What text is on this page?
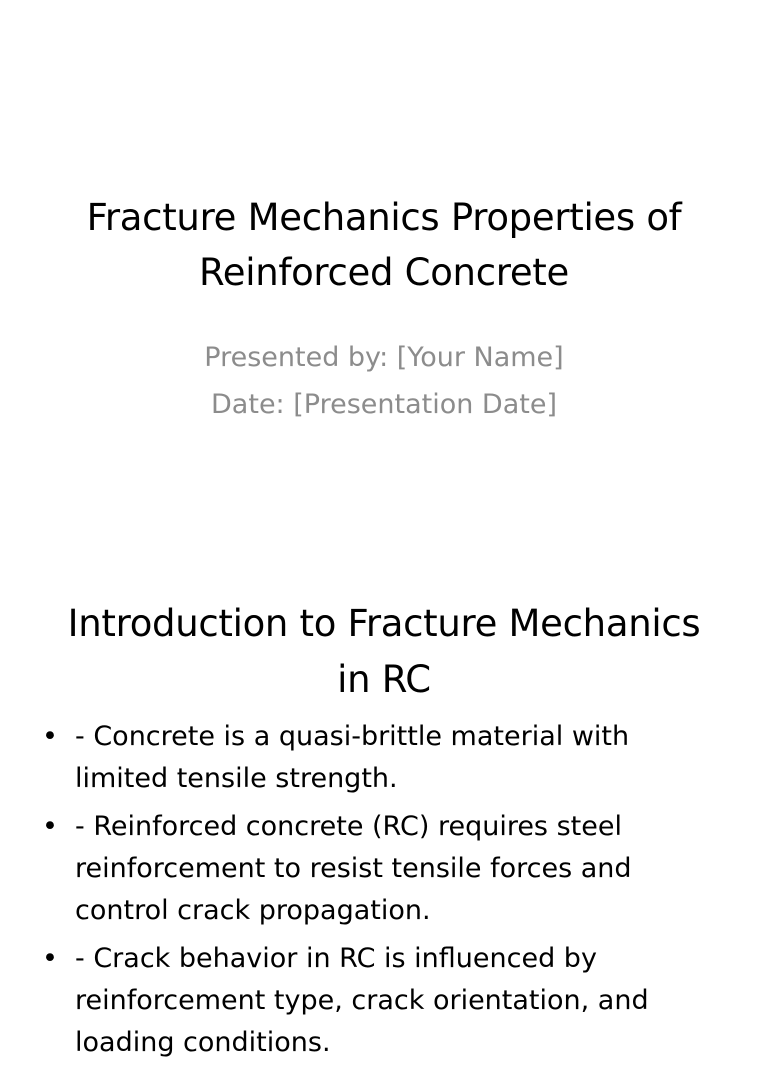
Fracture Mechanics Properties of
Reinforced Concrete
Presented by: [Your Name]
Date: [Presentation Date]
Introduction to Fracture Mechanics
in RC
• - Concrete is a quasi-brittle material with
limited tensile strength.
• - Reinforced concrete (RC) requires steel
reinforcement to resist tensile forces and
control crack propagation.
• - Crack behavior in RC is influenced by
reinforcement type, crack orientation, and
loading conditions.
